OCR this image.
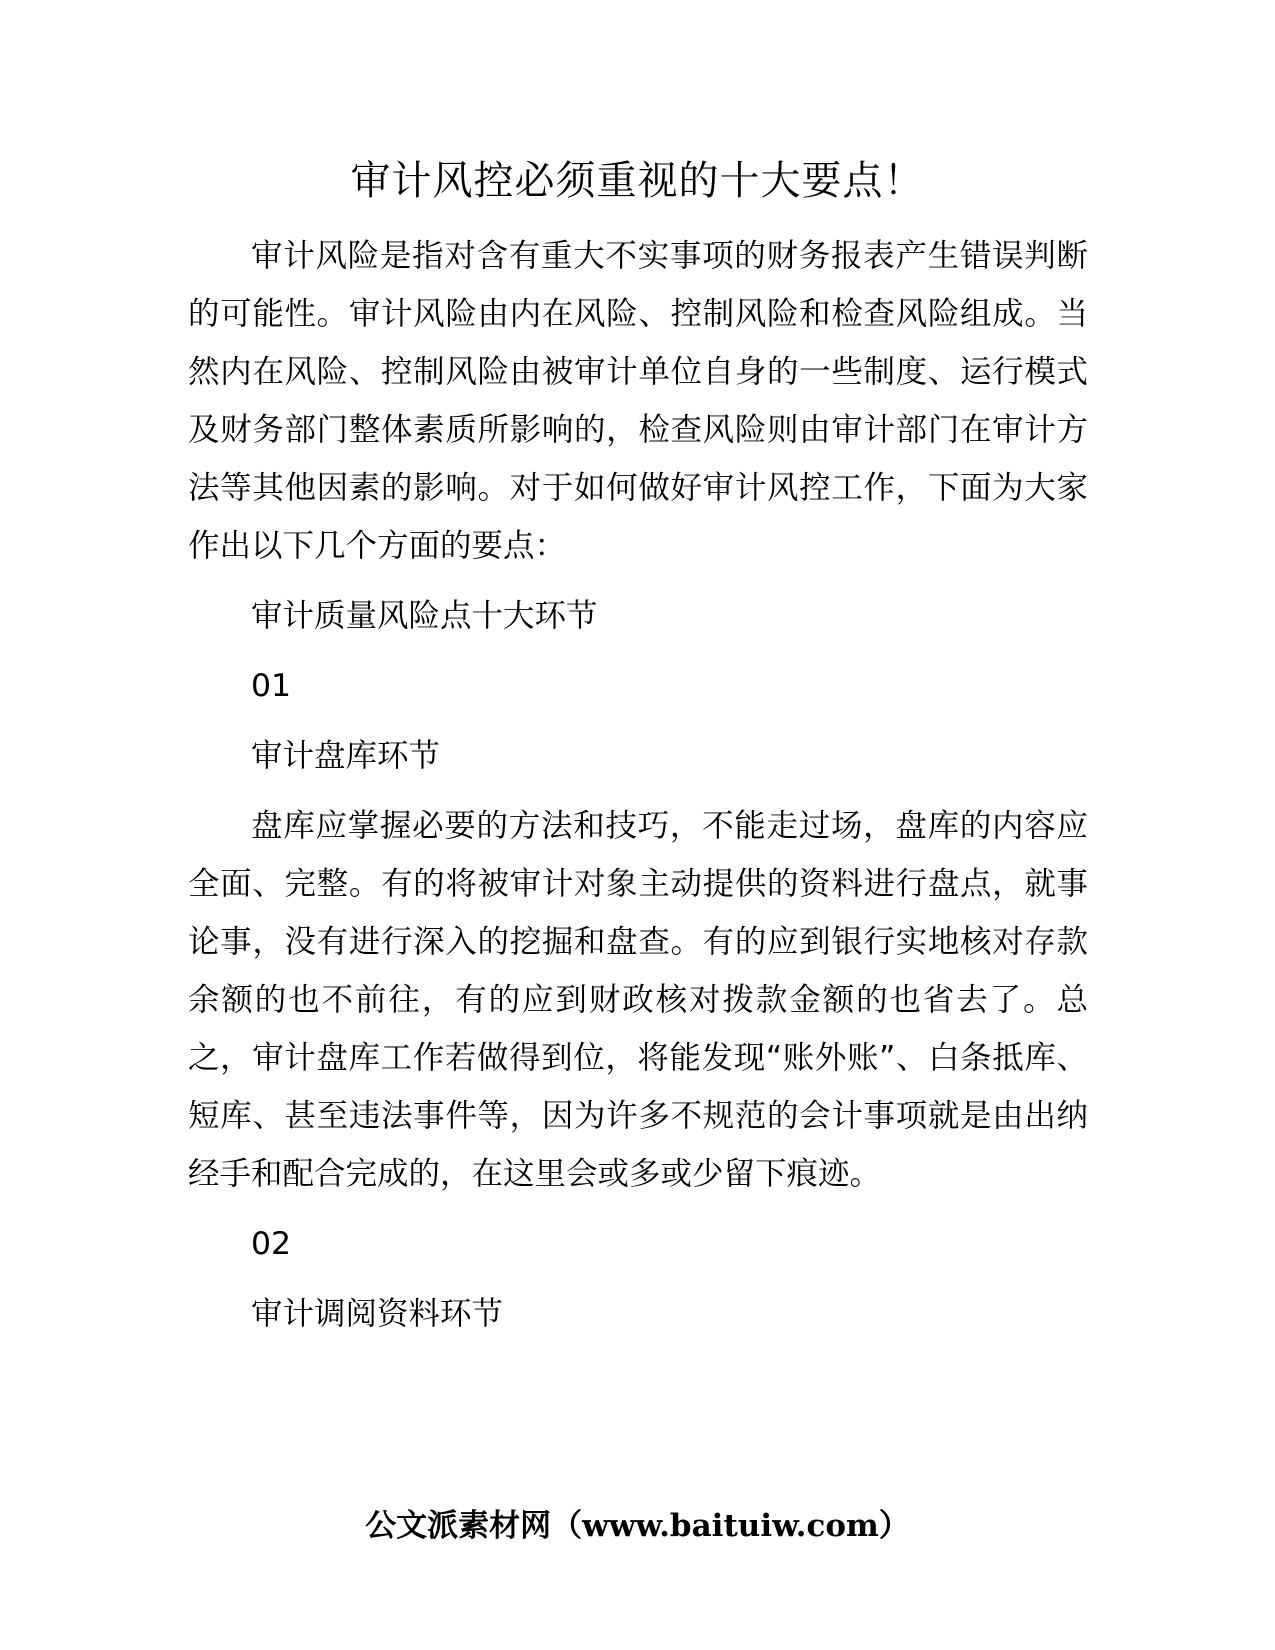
审计风控必须重视的十大要点！

审计风险是指对含有重大不实事项的财务报表产生错误判断的可能性。审计风险由内在风险、控制风险和检查风险组成。当然内在风险、控制风险由被审计单位自身的一些制度、运行模式及财务部门整体素质所影响的，检查风险则由审计部门在审计方法等其他因素的影响。对于如何做好审计风控工作，下面为大家作出以下几个方面的要点：

审计质量风险点十大环节

01

审计盘库环节

盘库应掌握必要的方法和技巧，不能走过场，盘库的内容应全面、完整。有的将被审计对象主动提供的资料进行盘点，就事论事，没有进行深入的挖掘和盘查。有的应到银行实地核对存款余额的也不前往，有的应到财政核对拨款金额的也省去了。总之，审计盘库工作若做得到位，将能发现“账外账”、白条抵库、短库、甚至违法事件等，因为许多不规范的会计事项就是由出纳经手和配合完成的，在这里会或多或少留下痕迹。

02

审计调阅资料环节

公文派素材网（www.baituiw.com）
